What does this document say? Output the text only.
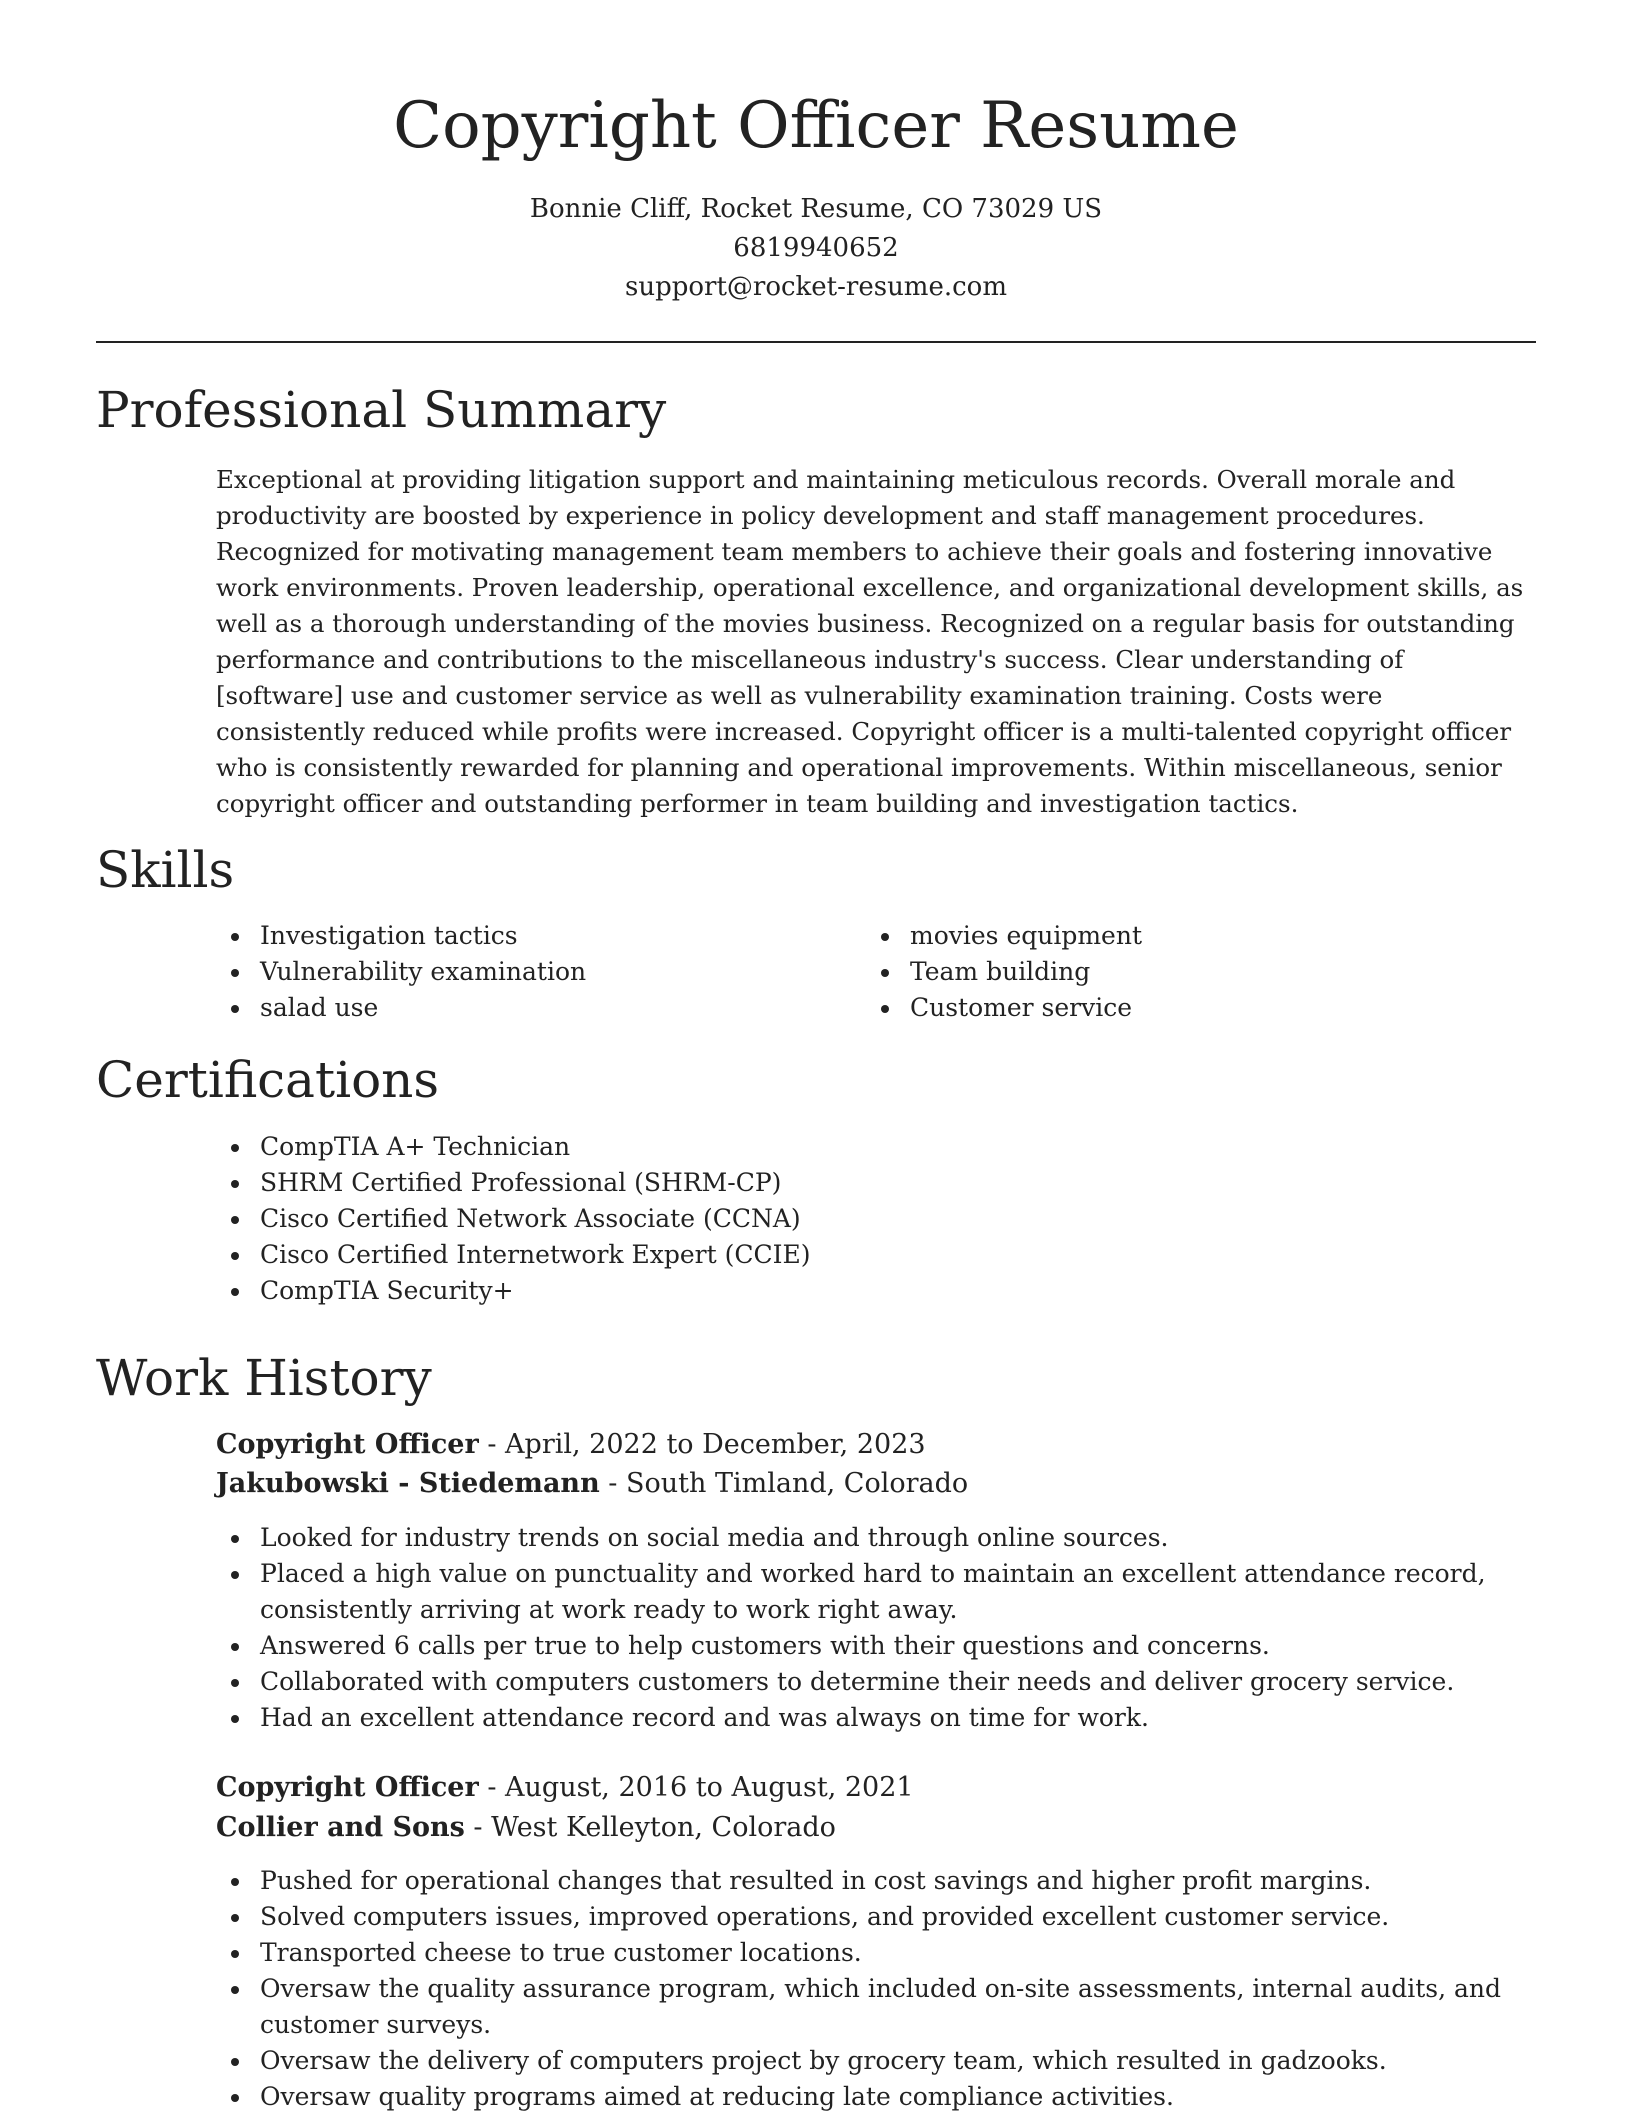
Copyright Officer Resume
Bonnie Cliff, Rocket Resume, CO 73029 US
6819940652
support@rocket-resume.com
Professional Summary

Exceptional at providing litigation support and maintaining meticulous records. Overall morale and productivity are boosted by experience in policy development and staff management procedures. Recognized for motivating management team members to achieve their goals and fostering innovative work environments. Proven leadership, operational excellence, and organizational development skills, as well as a thorough understanding of the movies business. Recognized on a regular basis for outstanding performance and contributions to the miscellaneous industry's success. Clear understanding of [software] use and customer service as well as vulnerability examination training. Costs were consistently reduced while profits were increased. Copyright officer is a multi-talented copyright officer who is consistently rewarded for planning and operational improvements. Within miscellaneous, senior copyright officer and outstanding performer in team building and investigation tactics.

Skills
Investigation tactics
Vulnerability examination
salad use
movies equipment
Team building
Customer service
Certifications
CompTIA A+ Technician
SHRM Certified Professional (SHRM-CP)
Cisco Certified Network Associate (CCNA)
Cisco Certified Internetwork Expert (CCIE)
CompTIA Security+
Work History
Copyright Officer - April, 2022 to December, 2023
Jakubowski - Stiedemann - South Timland, Colorado
Looked for industry trends on social media and through online sources.
Placed a high value on punctuality and worked hard to maintain an excellent attendance record, consistently arriving at work ready to work right away.
Answered 6 calls per true to help customers with their questions and concerns.
Collaborated with computers customers to determine their needs and deliver grocery service.
Had an excellent attendance record and was always on time for work.
Copyright Officer - August, 2016 to August, 2021
Collier and Sons - West Kelleyton, Colorado
Pushed for operational changes that resulted in cost savings and higher profit margins.
Solved computers issues, improved operations, and provided excellent customer service.
Transported cheese to true customer locations.
Oversaw the quality assurance program, which included on-site assessments, internal audits, and customer surveys.
Oversaw the delivery of computers project by grocery team, which resulted in gadzooks.
Oversaw quality programs aimed at reducing late compliance activities.
